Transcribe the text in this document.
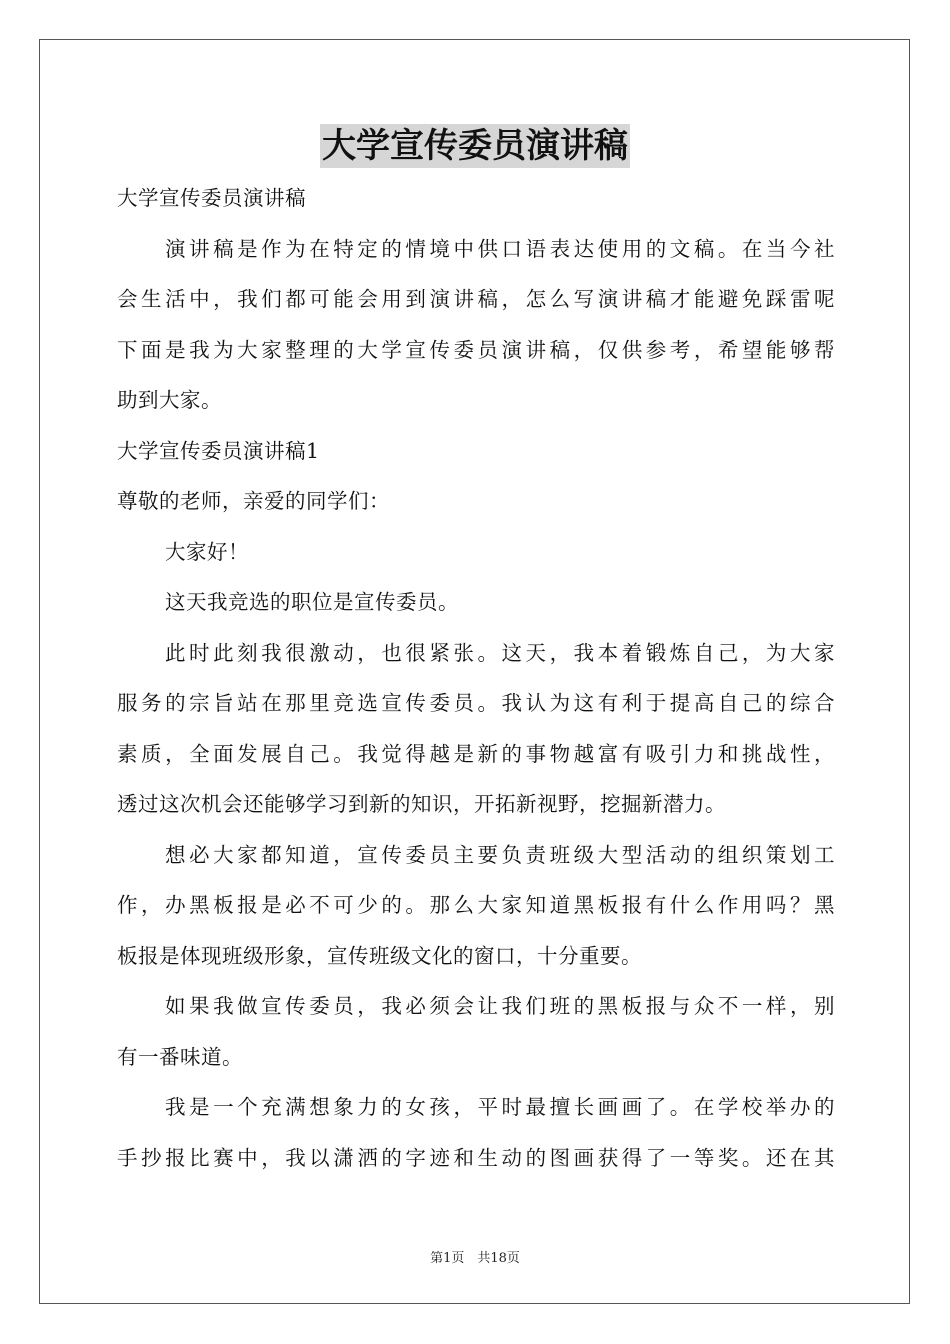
大学宣传委员演讲稿
大学宣传委员演讲稿
演讲稿是作为在特定的情境中供口语表达使用的文稿。在当今社
会生活中，我们都可能会用到演讲稿，怎么写演讲稿才能避免踩雷呢
下面是我为大家整理的大学宣传委员演讲稿，仅供参考，希望能够帮
助到大家。
大学宣传委员演讲稿1
尊敬的老师，亲爱的同学们：
大家好！
这天我竞选的职位是宣传委员。
此时此刻我很激动，也很紧张。这天，我本着锻炼自己，为大家
服务的宗旨站在那里竞选宣传委员。我认为这有利于提高自己的综合
素质，全面发展自己。我觉得越是新的事物越富有吸引力和挑战性，
透过这次机会还能够学习到新的知识，开拓新视野，挖掘新潜力。
想必大家都知道，宣传委员主要负责班级大型活动的组织策划工
作，办黑板报是必不可少的。那么大家知道黑板报有什么作用吗？黑
板报是体现班级形象，宣传班级文化的窗口，十分重要。
如果我做宣传委员，我必须会让我们班的黑板报与众不一样，别
有一番味道。
我是一个充满想象力的女孩，平时最擅长画画了。在学校举办的
手抄报比赛中，我以潇洒的字迹和生动的图画获得了一等奖。还在其
第1页　共18页
